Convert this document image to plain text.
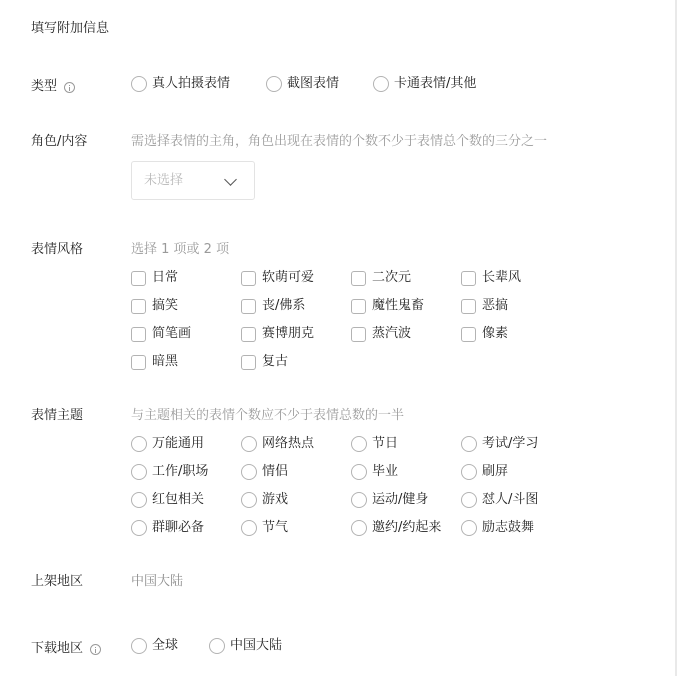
填写附加信息
类型	真人拍摄表情	截图表情	卡通表情/其他
角色/内容	需选择表情的主角，角色出现在表情的个数不少于表情总个数的三分之一
未选择
表情风格	选择 1 项或 2 项
日常	软萌可爱	二次元	长辈风
搞笑	丧/佛系	魔性鬼畜	恶搞
简笔画	赛博朋克	蒸汽波	像素
暗黑	复古
表情主题	与主题相关的表情个数应不少于表情总数的一半
万能通用	网络热点	节日	考试/学习
工作/职场	情侣	毕业	刷屏
红包相关	游戏	运动/健身	怼人/斗图
群聊必备	节气	邀约/约起来	励志鼓舞
上架地区	中国大陆
下载地区	全球	中国大陆
